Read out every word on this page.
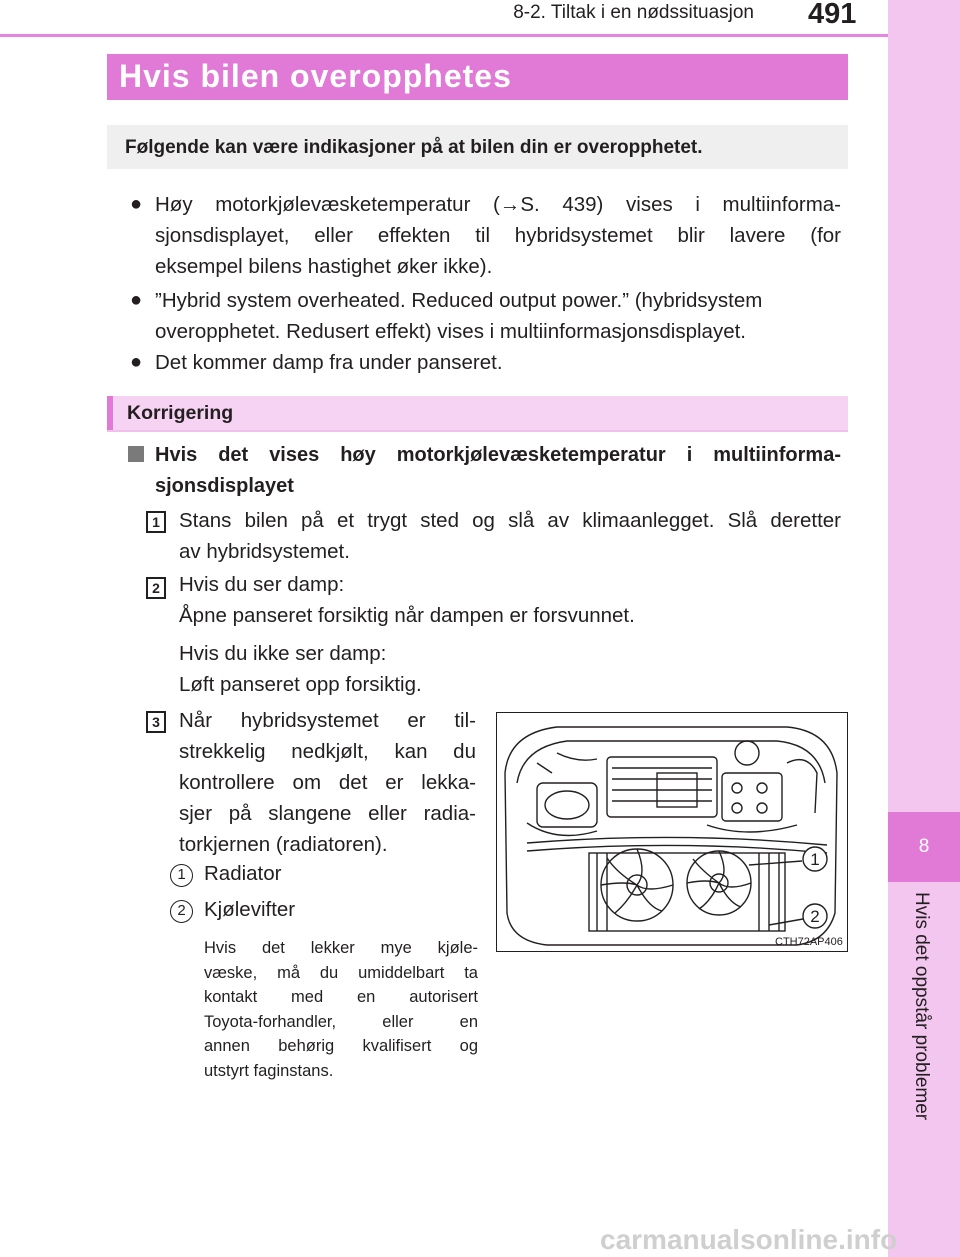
8-2. Tiltak i en nødssituasjon 491
8
Hvis det oppstår problemer
Hvis bilen overopphetes
Følgende kan være indikasjoner på at bilen din er overopphetet.
● Høy motorkjølevæsketemperatur (→S. 439) vises i multiinforma-
sjonsdisplayet, eller effekten til hybridsystemet blir lavere (for
eksempel bilens hastighet øker ikke).
● ”Hybrid system overheated. Reduced output power.” (hybridsystem
overopphetet. Redusert effekt) vises i multiinformasjonsdisplayet.
● Det kommer damp fra under panseret.
Korrigering
Hvis det vises høy motorkjølevæsketemperatur i multiinforma-
sjonsdisplayet
1 Stans bilen på et trygt sted og slå av klimaanlegget. Slå deretter
av hybridsystemet.
2 Hvis du ser damp:
Åpne panseret forsiktig når dampen er forsvunnet.
Hvis du ikke ser damp:
Løft panseret opp forsiktig.
3 Når hybridsystemet er til-
strekkelig nedkjølt, kan du
kontrollere om det er lekka-
sjer på slangene eller radia-
torkjernen (radiatoren).
1 Radiator
2 Kjølevifter
Hvis det lekker mye kjøle-
væske, må du umiddelbart ta
kontakt med en autorisert
Toyota-forhandler, eller en
annen behørig kvalifisert og
utstyrt faginstans.
1
2
CTH72AP406
carmanualsonline.info
